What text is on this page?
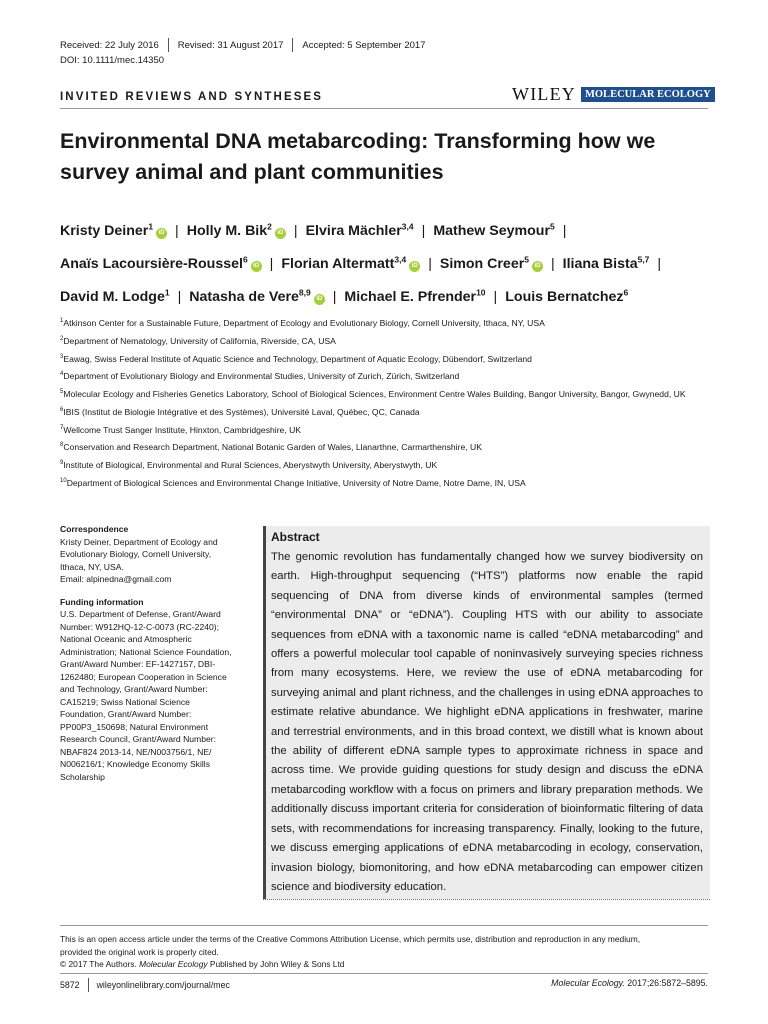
Received: 22 July 2016 Revised: 31 August 2017 Accepted: 5 September 2017
DOI: 10.1111/mec.14350
INVITED REVIEWS AND SYNTHESES	WILEY MOLECULAR ECOLOGY
Environmental DNA metabarcoding: Transforming how we survey animal and plant communities
Kristy Deiner$^1$iD | Holly M. Bik$^2$iD | Elvira Mächler$^{3,4}$ | Mathew Seymour$^5$ |
Anaïs Lacoursière-Roussel$^6$iD | Florian Altermatt$^{3,4}$iD | Simon Creer$^5$iD | Iliana Bista$^{5,7}$ |
David M. Lodge$^1$ | Natasha de Vere$^{8,9}$iD | Michael E. Pfrender$^{10}$ | Louis Bernatchez$^6$

$^1$Atkinson Center for a Sustainable Future, Department of Ecology and Evolutionary Biology, Cornell University, Ithaca, NY, USA

$^2$Department of Nematology, University of California, Riverside, CA, USA

$^3$Eawag, Swiss Federal Institute of Aquatic Science and Technology, Department of Aquatic Ecology, Dübendorf, Switzerland

$^4$Department of Evolutionary Biology and Environmental Studies, University of Zurich, Zürich, Switzerland

$^5$Molecular Ecology and Fisheries Genetics Laboratory, School of Biological Sciences, Environment Centre Wales Building, Bangor University, Bangor, Gwynedd, UK

$^6$IBIS (Institut de Biologie Intégrative et des Systèmes), Université Laval, Québec, QC, Canada

$^7$Wellcome Trust Sanger Institute, Hinxton, Cambridgeshire, UK

$^8$Conservation and Research Department, National Botanic Garden of Wales, Llanarthne, Carmarthenshire, UK

$^9$Institute of Biological, Environmental and Rural Sciences, Aberystwyth University, Aberystwyth, UK

$^{10}$Department of Biological Sciences and Environmental Change Initiative, University of Notre Dame, Notre Dame, IN, USA

Correspondence
Kristy Deiner, Department of Ecology and
Evolutionary Biology, Cornell University,
Ithaca, NY, USA.
Email: alpinedna@gmail.com
Funding information
U.S. Department of Defense, Grant/Award
Number: W912HQ-12-C-0073 (RC-2240);
National Oceanic and Atmospheric
Administration; National Science Foundation,
Grant/Award Number: EF-1427157, DBI-
1262480; European Cooperation in Science
and Technology, Grant/Award Number:
CA15219; Swiss National Science
Foundation, Grant/Award Number:
PP00P3_150698; Natural Environment
Research Council, Grant/Award Number:
NBAF824 2013-14, NE/N003756/1, NE/
N006216/1; Knowledge Economy Skills
Scholarship
Abstract

The genomic revolution has fundamentally changed how we survey biodiversity on earth. High-throughput sequencing (“HTS”) platforms now enable the rapid sequencing of DNA from diverse kinds of environmental samples (termed “environmental DNA” or “eDNA”). Coupling HTS with our ability to associate sequences from eDNA with a taxonomic name is called “eDNA metabarcoding” and offers a powerful molecular tool capable of noninvasively surveying species richness from many ecosystems. Here, we review the use of eDNA metabarcoding for surveying animal and plant richness, and the challenges in using eDNA approaches to estimate relative abundance. We highlight eDNA applications in freshwater, marine and terrestrial environments, and in this broad context, we distill what is known about the ability of different eDNA sample types to approximate richness in space and across time. We provide guiding questions for study design and discuss the eDNA metabarcoding workflow with a focus on primers and library preparation methods. We additionally discuss important criteria for consideration of bioinformatic filtering of data sets, with recommendations for increasing transparency. Finally, looking to the future, we discuss emerging applications of eDNA metabarcoding in ecology, conservation, invasion biology, biomonitoring, and how eDNA metabarcoding can empower citizen science and biodiversity education.

This is an open access article under the terms of the Creative Commons Attribution License, which permits use, distribution and reproduction in any medium,

provided the original work is properly cited.

© 2017 The Authors. Molecular Ecology Published by John Wiley & Sons Ltd

5872 wileyonlinelibrary.com/journal/mec	Molecular Ecology. 2017;26:5872–5895.
